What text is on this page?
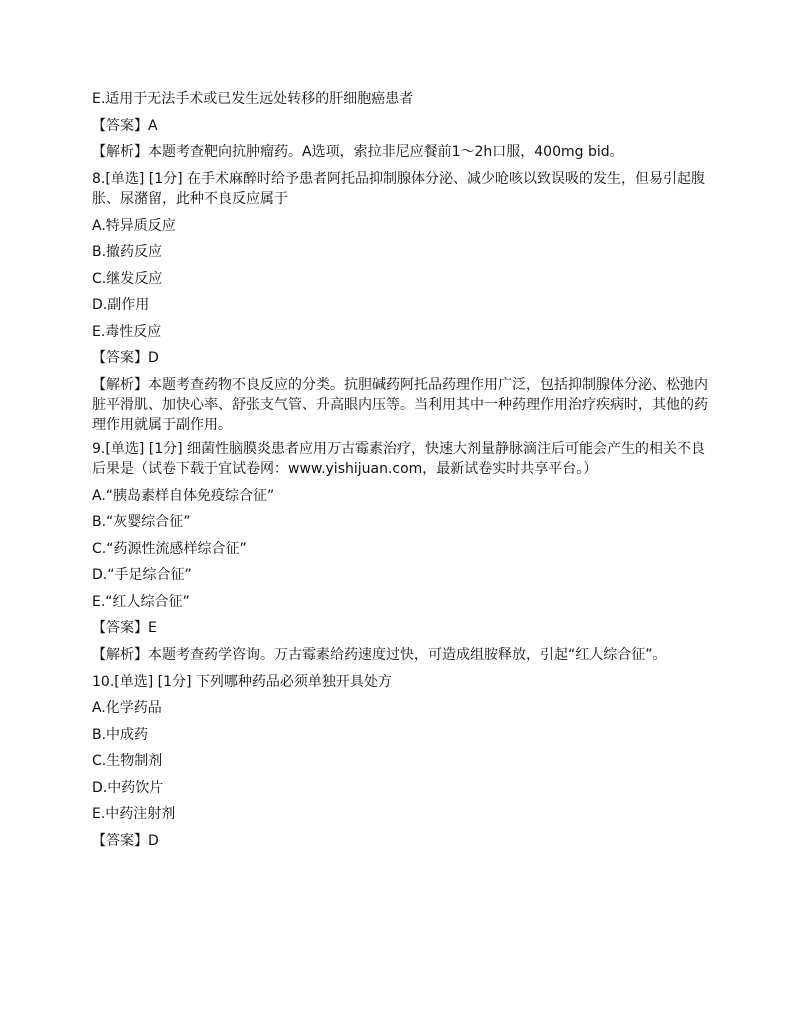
E.适用于无法手术或已发生远处转移的肝细胞癌患者
【答案】A
【解析】本题考查靶向抗肿瘤药。A选项，索拉非尼应餐前1～2h口服，400mg bid。
8.[单选] [1分] 在手术麻醉时给予患者阿托品抑制腺体分泌、减少呛咳以致误吸的发生，但易引起腹胀、尿潴留，此种不良反应属于
A.特异质反应
B.撤药反应
C.继发反应
D.副作用
E.毒性反应
【答案】D
【解析】本题考查药物不良反应的分类。抗胆碱药阿托品药理作用广泛，包括抑制腺体分泌、松弛内脏平滑肌、加快心率、舒张支气管、升高眼内压等。当利用其中一种药理作用治疗疾病时，其他的药理作用就属于副作用。
9.[单选] [1分] 细菌性脑膜炎患者应用万古霉素治疗，快速大剂量静脉滴注后可能会产生的相关不良后果是（试卷下载于宜试卷网：www.yishijuan.com，最新试卷实时共享平台。）
A.“胰岛素样自体免疫综合征”
B.“灰婴综合征”
C.“药源性流感样综合征”
D.“手足综合征”
E.“红人综合征”
【答案】E
【解析】本题考查药学咨询。万古霉素给药速度过快，可造成组胺释放，引起“红人综合征”。
10.[单选] [1分] 下列哪种药品必须单独开具处方
A.化学药品
B.中成药
C.生物制剂
D.中药饮片
E.中药注射剂
【答案】D
